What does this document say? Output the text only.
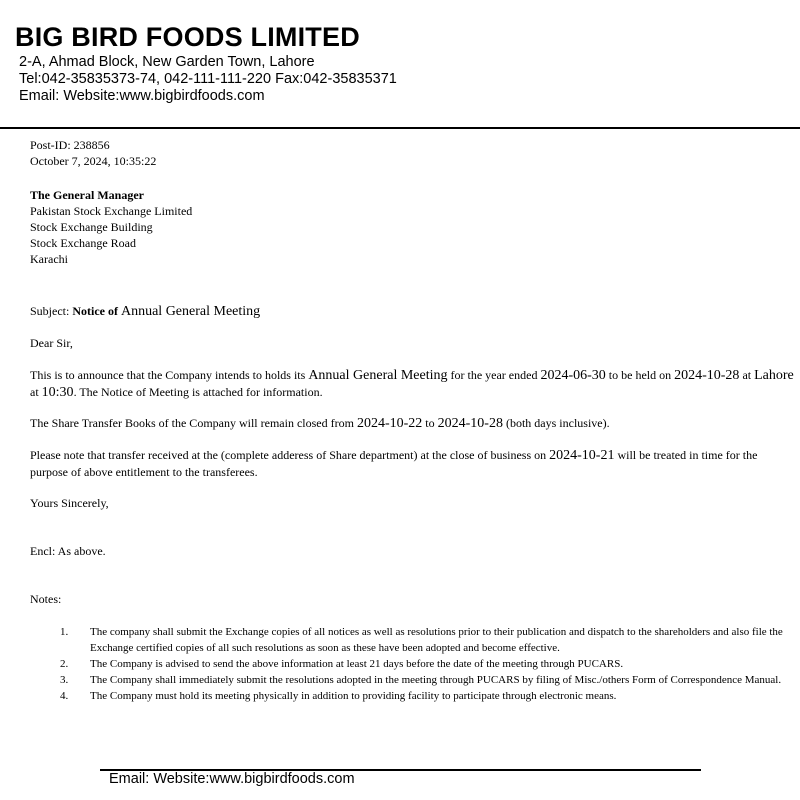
BIG BIRD FOODS LIMITED
2-A, Ahmad Block, New Garden Town, Lahore
Tel:042-35835373-74, 042-111-111-220 Fax:042-35835371
Email: Website:www.bigbirdfoods.com
Post-ID: 238856
October 7, 2024, 10:35:22
The General Manager
Pakistan Stock Exchange Limited
Stock Exchange Building
Stock Exchange Road
Karachi
Subject: Notice of Annual General Meeting
Dear Sir,
This is to announce that the Company intends to holds its Annual General Meeting for the year ended 2024-06-30 to be held on 2024-10-28 at Lahore at 10:30. The Notice of Meeting is attached for information.
The Share Transfer Books of the Company will remain closed from 2024-10-22 to 2024-10-28 (both days inclusive).
Please note that transfer received at the (complete adderess of Share department) at the close of business on 2024-10-21 will be treated in time for the purpose of above entitlement to the transferees.
Yours Sincerely,
Encl: As above.
Notes:
1. The company shall submit the Exchange copies of all notices as well as resolutions prior to their publication and dispatch to the shareholders and also file the Exchange certified copies of all such resolutions as soon as these have been adopted and become effective.
2. The Company is advised to send the above information at least 21 days before the date of the meeting through PUCARS.
3. The Company shall immediately submit the resolutions adopted in the meeting through PUCARS by filing of Misc./others Form of Correspondence Manual.
4. The Company must hold its meeting physically in addition to providing facility to participate through electronic means.
Email: Website:www.bigbirdfoods.com
